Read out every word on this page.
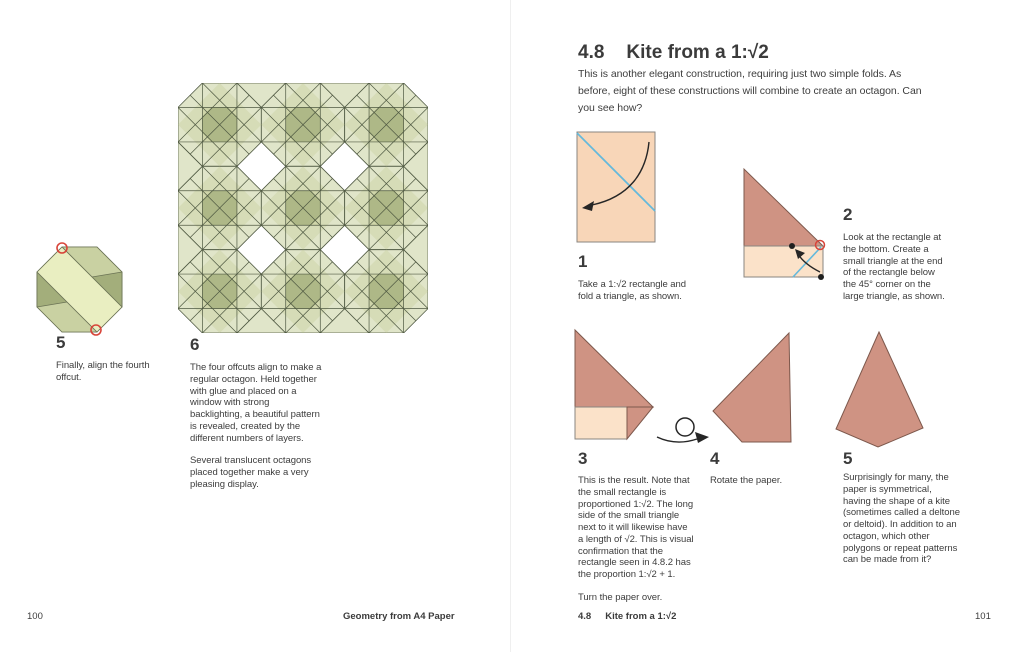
5
Finally, align the fourth offcut.
6

The four offcuts align to make a regular octagon. Held together with glue and placed on a window with strong backlighting, a beautiful pattern is revealed, created by the different numbers of layers.

Several translucent octagons placed together make a very pleasing display.

100	Geometry from A4 Paper
4.8 Kite from a 1:√2
This is another elegant construction, requiring just two simple folds. As before, eight of these constructions will combine to create an octagon. Can you see how?
1
Take a 1:√2 rectangle and fold a triangle, as shown.
2
Look at the rectangle at the bottom. Create a small triangle at the end of the rectangle below the 45° corner on the large triangle, as shown.
3

This is the result. Note that the small rectangle is proportioned 1:√2. The long side of the small triangle next to it will likewise have a length of √2. This is visual confirmation that the rectangle seen in 4.8.2 has the proportion 1:√2 + 1.

Turn the paper over.

4
Rotate the paper.
5
Surprisingly for many, the paper is symmetrical, having the shape of a kite (sometimes called a deltone or deltoid). In addition to an octagon, which other polygons or repeat patterns can be made from it?
4.8 Kite from a 1:√2	101
